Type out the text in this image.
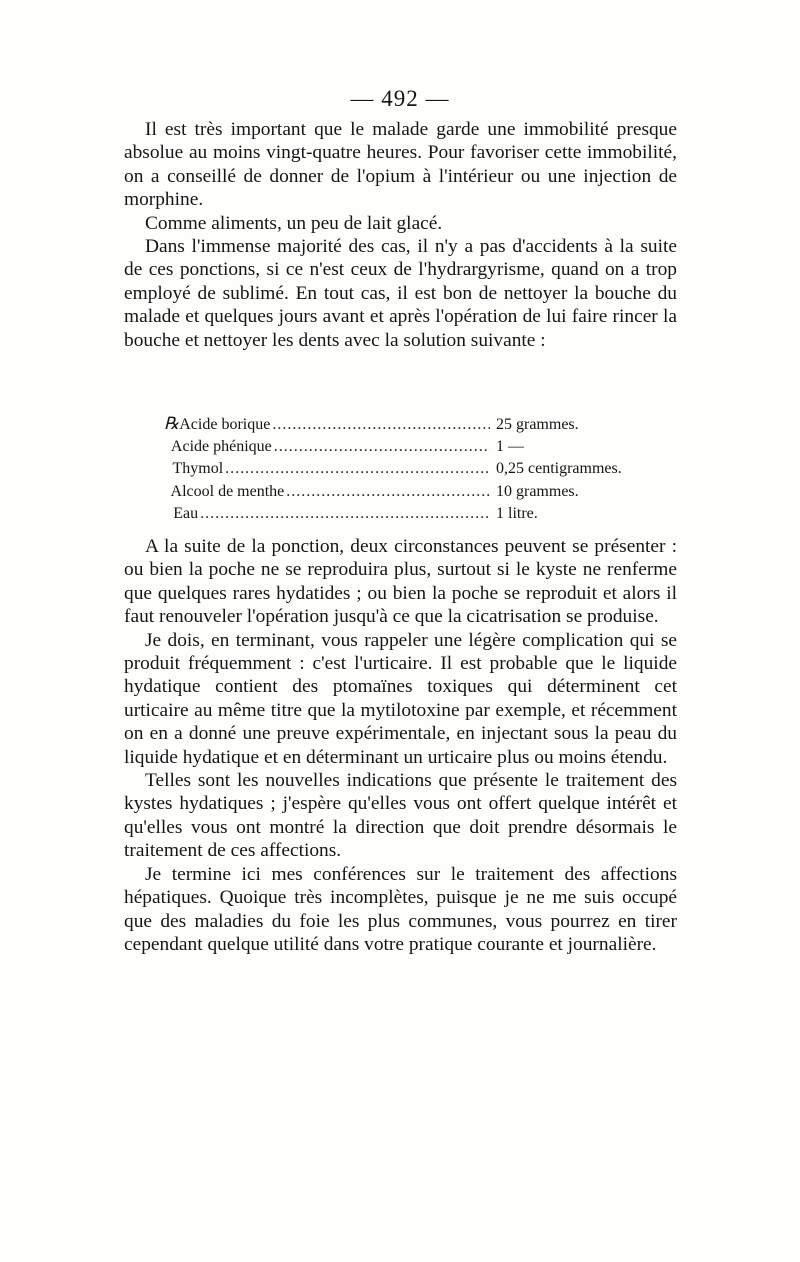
— 492 —

Il est très important que le malade garde une immobilité presque absolue au moins vingt-quatre heures. Pour favoriser cette immobilité, on a conseillé de donner de l'opium à l'intérieur ou une injection de morphine.

Comme aliments, un peu de lait glacé.

Dans l'immense majorité des cas, il n'y a pas d'accidents à la suite de ces ponctions, si ce n'est ceux de l'hydrargyrisme, quand on a trop employé de sublimé. En tout cas, il est bon de nettoyer la bouche du malade et quelques jours avant et après l'opération de lui faire rincer la bouche et nettoyer les dents avec la solution suivante :

℞ Acide borique .....	25 grammes.
Acide phénique .....	1 —
Thymol .....	0,25 centigrammes.
Alcool de menthe .....	10 grammes.
Eau .....	1 litre.

A la suite de la ponction, deux circonstances peuvent se présenter : ou bien la poche ne se reproduira plus, surtout si le kyste ne renferme que quelques rares hydatides ; ou bien la poche se reproduit et alors il faut renouveler l'opération jusqu'à ce que la cicatrisation se produise.

Je dois, en terminant, vous rappeler une légère complication qui se produit fréquemment : c'est l'urticaire. Il est probable que le liquide hydatique contient des ptomaïnes toxiques qui déterminent cet urticaire au même titre que la mytilotoxine par exemple, et récemment on en a donné une preuve expérimentale, en injectant sous la peau du liquide hydatique et en déterminant un urticaire plus ou moins étendu.

Telles sont les nouvelles indications que présente le traitement des kystes hydatiques ; j'espère qu'elles vous ont offert quelque intérêt et qu'elles vous ont montré la direction que doit prendre désormais le traitement de ces affections.

Je termine ici mes conférences sur le traitement des affections hépatiques. Quoique très incomplètes, puisque je ne me suis occupé que des maladies du foie les plus communes, vous pourrez en tirer cependant quelque utilité dans votre pratique courante et journalière.
